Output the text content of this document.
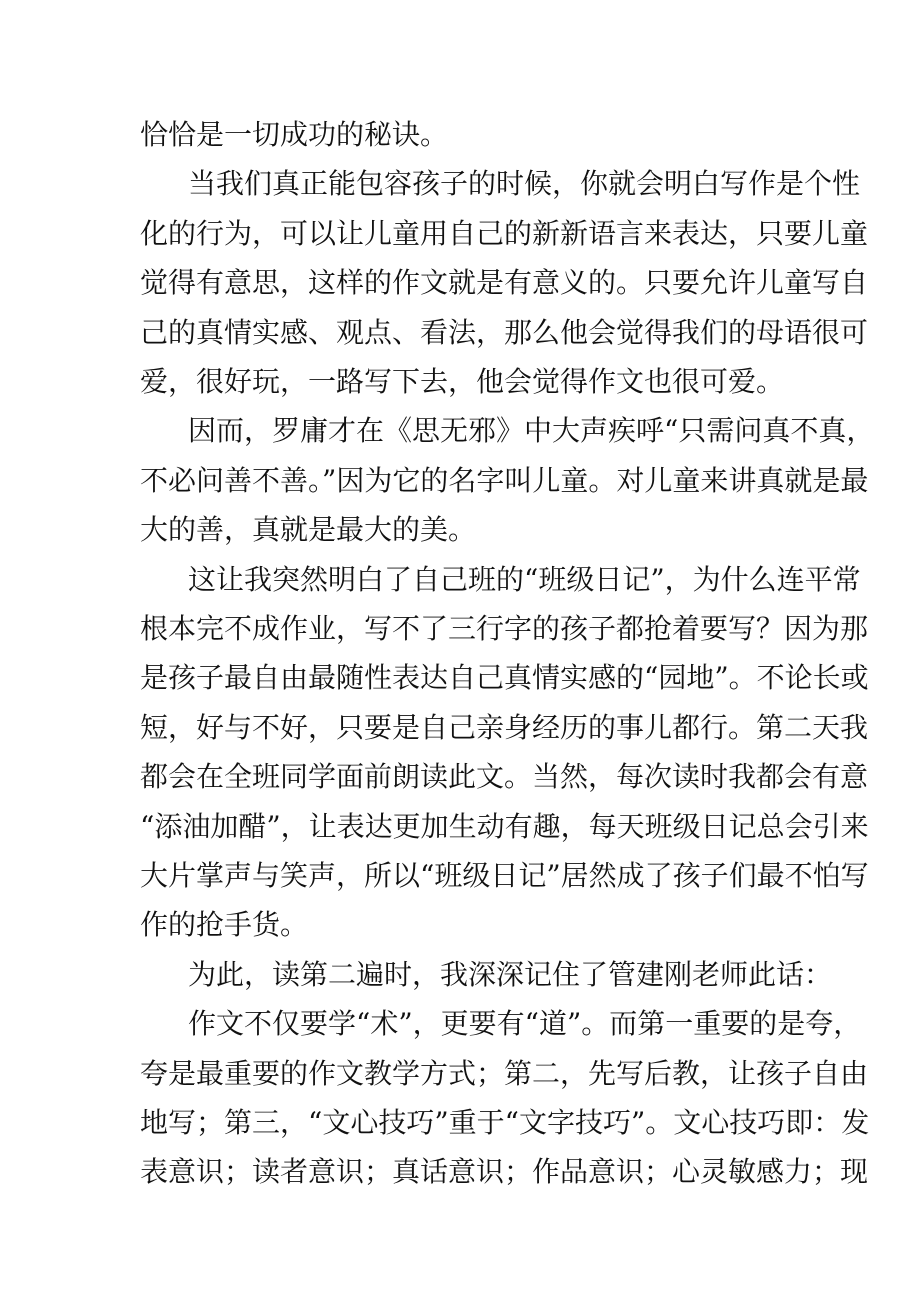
恰恰是一切成功的秘诀。
当我们真正能包容孩子的时候，你就会明白写作是个性
化的行为，可以让儿童用自己的新新语言来表达，只要儿童
觉得有意思，这样的作文就是有意义的。只要允许儿童写自
己的真情实感、观点、看法，那么他会觉得我们的母语很可
爱，很好玩，一路写下去，他会觉得作文也很可爱。
因而，罗庸才在《思无邪》中大声疾呼“只需问真不真，
不必问善不善。”因为它的名字叫儿童。对儿童来讲真就是最
大的善，真就是最大的美。
这让我突然明白了自己班的“班级日记”，为什么连平常
根本完不成作业，写不了三行字的孩子都抢着要写？因为那
是孩子最自由最随性表达自己真情实感的“园地”。不论长或
短，好与不好，只要是自己亲身经历的事儿都行。第二天我
都会在全班同学面前朗读此文。当然，每次读时我都会有意
“添油加醋”，让表达更加生动有趣，每天班级日记总会引来
大片掌声与笑声，所以“班级日记”居然成了孩子们最不怕写
作的抢手货。
为此，读第二遍时，我深深记住了管建刚老师此话：
作文不仅要学“术”，更要有“道”。而第一重要的是夸，
夸是最重要的作文教学方式；第二，先写后教，让孩子自由
地写；第三，“文心技巧”重于“文字技巧”。文心技巧即：发
表意识；读者意识；真话意识；作品意识；心灵敏感力；现
